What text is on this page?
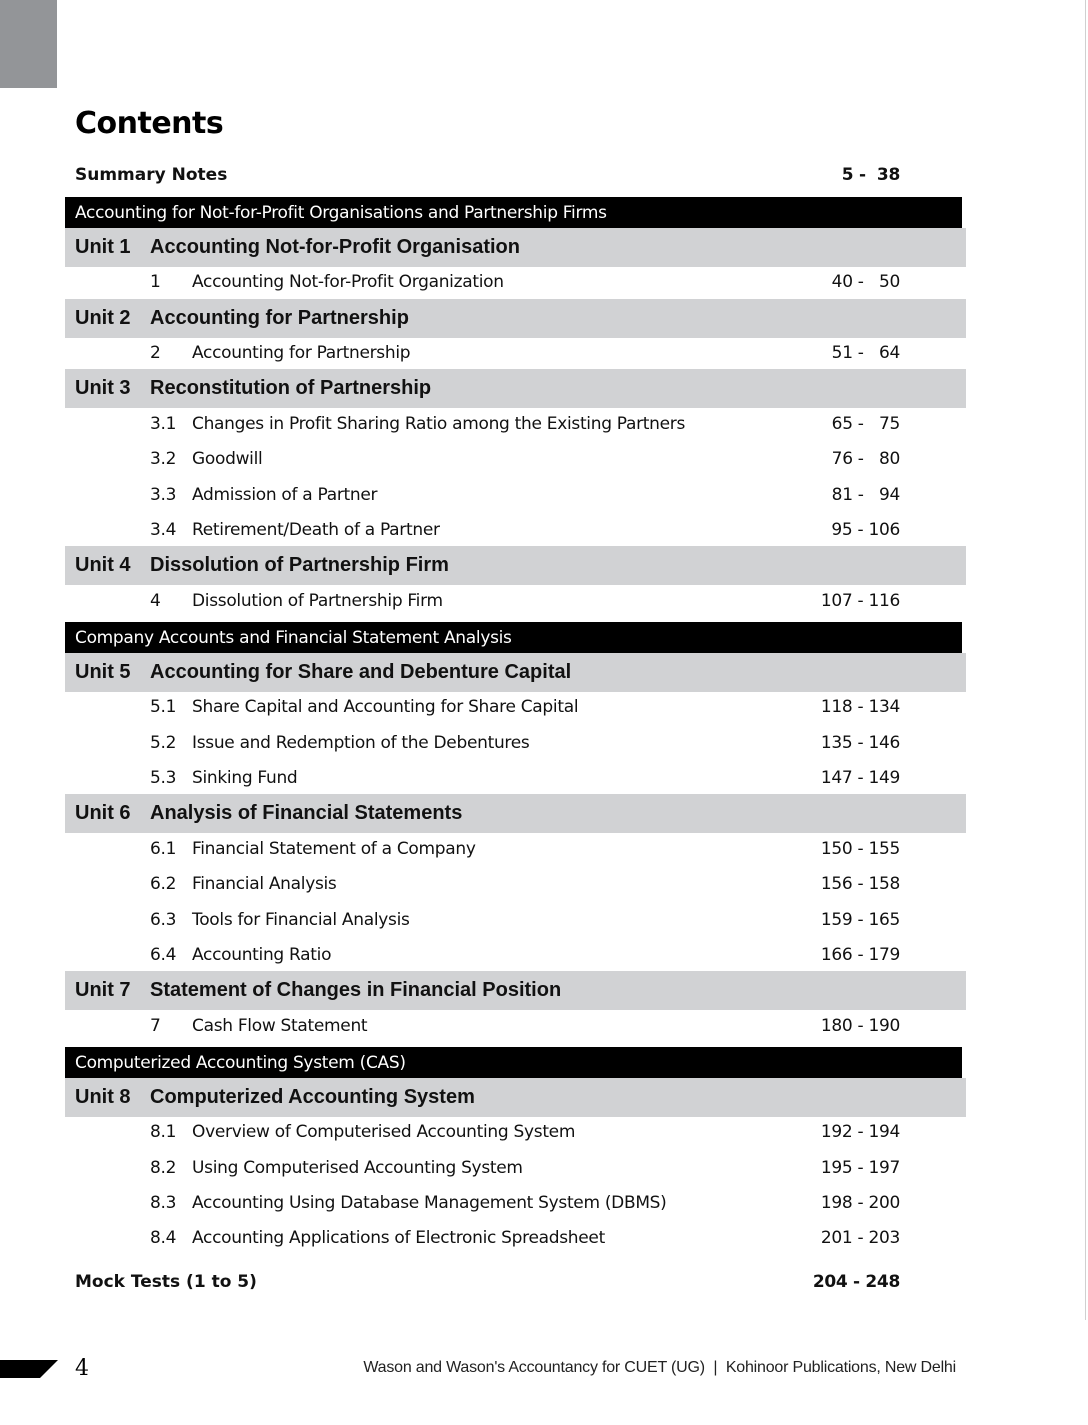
Contents
Summary Notes	5 -  38
Accounting for Not-for-Profit Organisations and Partnership Firms
Unit 1 Accounting Not-for-Profit Organisation
1 Accounting Not-for-Profit Organization	40 -   50
Unit 2 Accounting for Partnership
2 Accounting for Partnership	51 -   64
Unit 3 Reconstitution of Partnership
3.1 Changes in Profit Sharing Ratio among the Existing Partners	65 -   75
3.2 Goodwill	76 -   80
3.3 Admission of a Partner	81 -   94
3.4 Retirement/Death of a Partner	95 - 106
Unit 4 Dissolution of Partnership Firm
4 Dissolution of Partnership Firm	107 - 116
Company Accounts and Financial Statement Analysis
Unit 5 Accounting for Share and Debenture Capital
5.1 Share Capital and Accounting for Share Capital	118 - 134
5.2 Issue and Redemption of the Debentures	135 - 146
5.3 Sinking Fund	147 - 149
Unit 6 Analysis of Financial Statements
6.1 Financial Statement of a Company	150 - 155
6.2 Financial Analysis	156 - 158
6.3 Tools for Financial Analysis	159 - 165
6.4 Accounting Ratio	166 - 179
Unit 7 Statement of Changes in Financial Position
7 Cash Flow Statement	180 - 190
Computerized Accounting System (CAS)
Unit 8 Computerized Accounting System
8.1 Overview of Computerised Accounting System	192 - 194
8.2 Using Computerised Accounting System	195 - 197
8.3 Accounting Using Database Management System (DBMS)	198 - 200
8.4 Accounting Applications of Electronic Spreadsheet	201 - 203
Mock Tests (1 to 5)	204 - 248
4	Wason and Wason's Accountancy for CUET (UG)  |  Kohinoor Publications, New Delhi
